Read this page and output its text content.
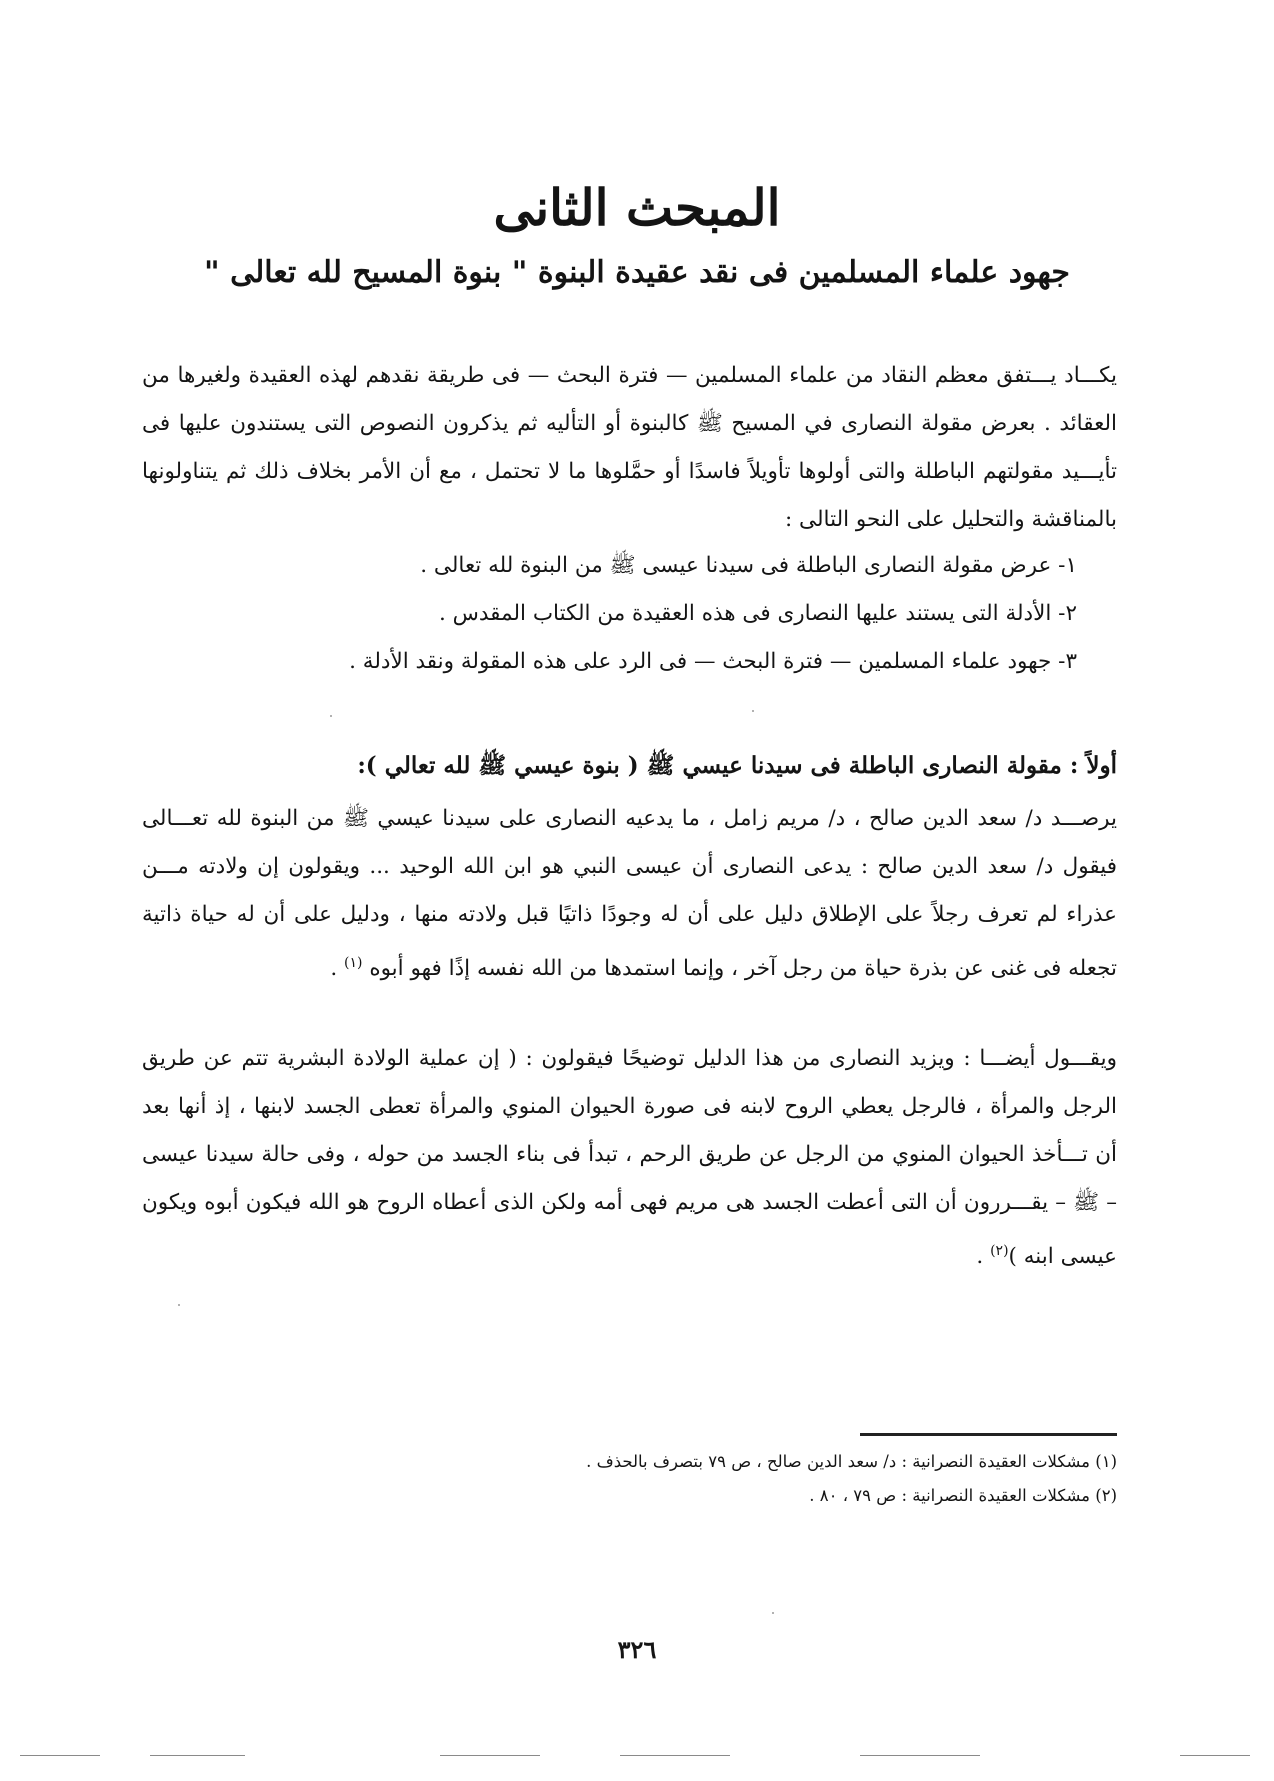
المبحث الثانى
جهود علماء المسلمين فى نقد عقيدة البنوة " بنوة المسيح لله تعالى "

يكـــاد يـــتفق معظم النقاد من علماء المسلمين — فترة البحث — فى طريقة نقدهم لهذه العقيدة ولغيرها من العقائد . بعرض مقولة النصارى في المسيح ﷺ كالبنوة أو التأليه ثم يذكرون النصوص التى يستندون عليها فى تأيـــيد مقولتهم الباطلة والتى أولوها تأويلاً فاسدًا أو حمَّلوها ما لا تحتمل ، مع أن الأمر بخلاف ذلك ثم يتناولونها بالمناقشة والتحليل على النحو التالى :

١- عرض مقولة النصارى الباطلة فى سيدنا عيسى ﷺ من البنوة لله تعالى .

٢- الأدلة التى يستند عليها النصارى فى هذه العقيدة من الكتاب المقدس .

٣- جهود علماء المسلمين — فترة البحث — فى الرد على هذه المقولة ونقد الأدلة .

أولاً : مقولة النصارى الباطلة فى سيدنا عيسي ﷺ ( بنوة عيسي ﷺ لله تعالي ):

يرصـــد د/ سعد الدين صالح ، د/ مريم زامل ، ما يدعيه النصارى على سيدنا عيسي ﷺ من البنوة لله تعـــالى فيقول د/ سعد الدين صالح : يدعى النصارى أن عيسى النبي هو ابن الله الوحيد ... ويقولون إن ولادته مـــن عذراء لم تعرف رجلاً على الإطلاق دليل على أن له وجودًا ذاتيًا قبل ولادته منها ، ودليل على أن له حياة ذاتية تجعله فى غنى عن بذرة حياة من رجل آخر ، وإنما استمدها من الله نفسه إذًا فهو أبوه $^{(١)}$ .

ويقـــول أيضـــا : ويزيد النصارى من هذا الدليل توضيحًا فيقولون : ( إن عملية الولادة البشرية تتم عن طريق الرجل والمرأة ، فالرجل يعطي الروح لابنه فى صورة الحيوان المنوي والمرأة تعطى الجسد لابنها ، إذ أنها بعد أن تـــأخذ الحيوان المنوي من الرجل عن طريق الرحم ، تبدأ فى بناء الجسد من حوله ، وفى حالة سيدنا عيسى – ﷺ – يقـــررون أن التى أعطت الجسد هى مريم فهى أمه ولكن الذى أعطاه الروح هو الله فيكون أبوه ويكون عيسى ابنه )$^{(٢)}$ .

(١) مشكلات العقيدة النصرانية : د/ سعد الدين صالح ، ص ٧٩ بتصرف بالحذف .

(٢) مشكلات العقيدة النصرانية : ص ٧٩ ، ٨٠ .

٣٢٦
